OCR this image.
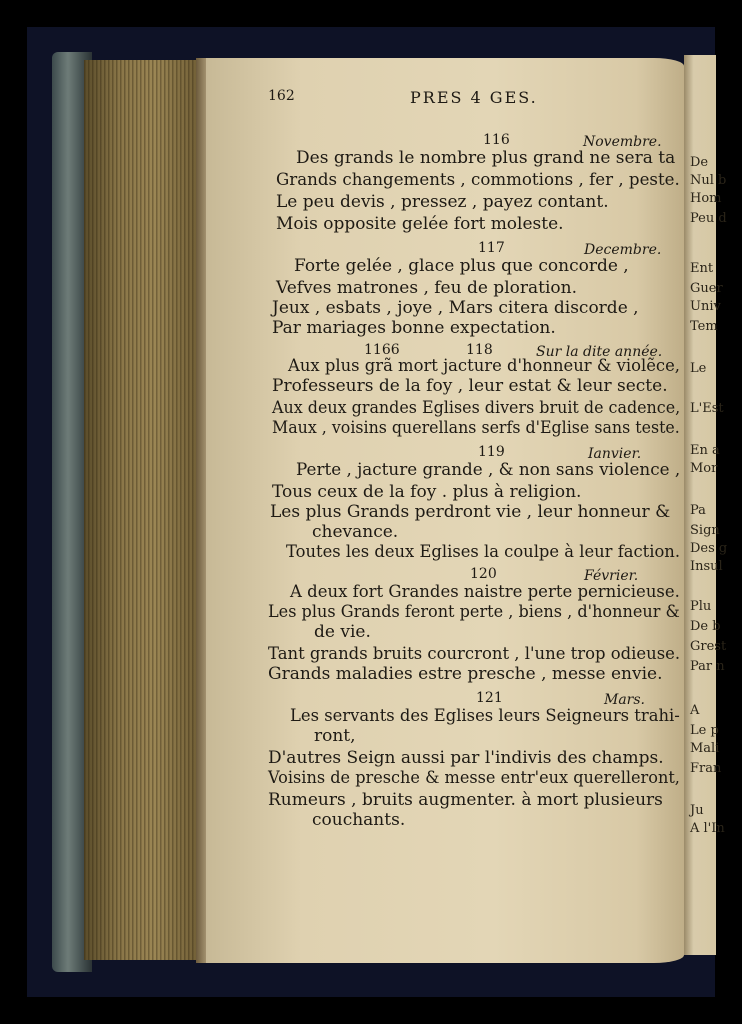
De
Nul b
Hom
Peu d
Ent
Guer
Univ
Tem
Le
L'Est
En a
Mor
Pa
Sign
Des g
Insul
Plu
De b
Grest
Par n
A
Le p
Mali
Fran
Ju
A l'In
162	PRES 4 GES.
116	Novembre.
Des grands le nombre plus grand ne sera ta
Grands changements , commotions , fer , peste.
Le peu devis , pressez , payez contant.
Mois opposite gelée fort moleste.
117	Decembre.
Forte gelée , glace plus que concorde ,
Vefves matrones , feu de ploration.
Jeux , esbats , joye , Mars citera discorde ,
Par mariages bonne expectation.
1166	118	Sur la dite année.
Aux plus grã mort jacture d'honneur & violẽce,
Professeurs de la foy , leur estat & leur secte.
Aux deux grandes Eglises divers bruit de cadence,
Maux , voisins querellans serfs d'Eglise sans teste.
119	Ianvier.
Perte , jacture grande , & non sans violence ,
Tous ceux de la foy . plus à religion.
Les plus Grands perdront vie , leur honneur &
chevance.
Toutes les deux Eglises la coulpe à leur faction.
120	Février.
A deux fort Grandes naistre perte pernicieuse.
Les plus Grands feront perte , biens , d'honneur &
de vie.
Tant grands bruits courcront , l'une trop odieuse.
Grands maladies estre presche , messe envie.
121	Mars.
Les servants des Eglises leurs Seigneurs trahi-
ront,
D'autres Seign aussi par l'indivis des champs.
Voisins de presche & messe entr'eux querelleront,
Rumeurs , bruits augmenter. à mort plusieurs
couchants.
